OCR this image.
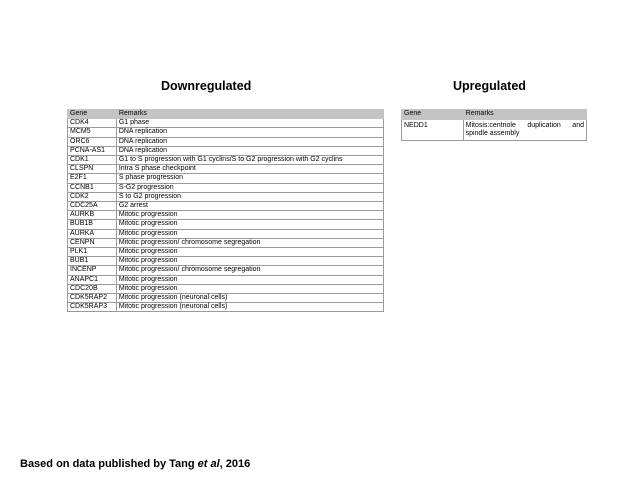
Downregulated	Upregulated
Gene	Remarks
CDK4	G1 phase
MCM5	DNA replication
ORC6	DNA replication
PCNA-AS1	DNA replication
CDK1	G1 to S progression with G1 cyclins/S to G2 progression with G2 cyclins
CLSPN	Intra S phase checkpoint
E2F1	S phase progression
CCNB1	S-G2 progression
CDK2	S to G2 progression
CDC25A	G2 arrest
AURKB	Mitotic progression
BUB1B	Mitotic progression
AURKA	Mitotic progression
CENPN	Mitotic progression/ chromosome segregation
PLK1	Mitotic progression
BUB1	Mitotic progression
INCENP	Mitotic progression/ chromosome segregation
ANAPC1	Mitotic progression
CDC20B	Mitotic progression
CDK5RAP2	Mitotic progression (neuronal cells)
CDK5RAP3	Mitotic progression (neuronal cells)
Gene	Remarks
NEDD1	Mitosis:centriole duplication and spindle assembly
Based on data published by Tang et al, 2016
